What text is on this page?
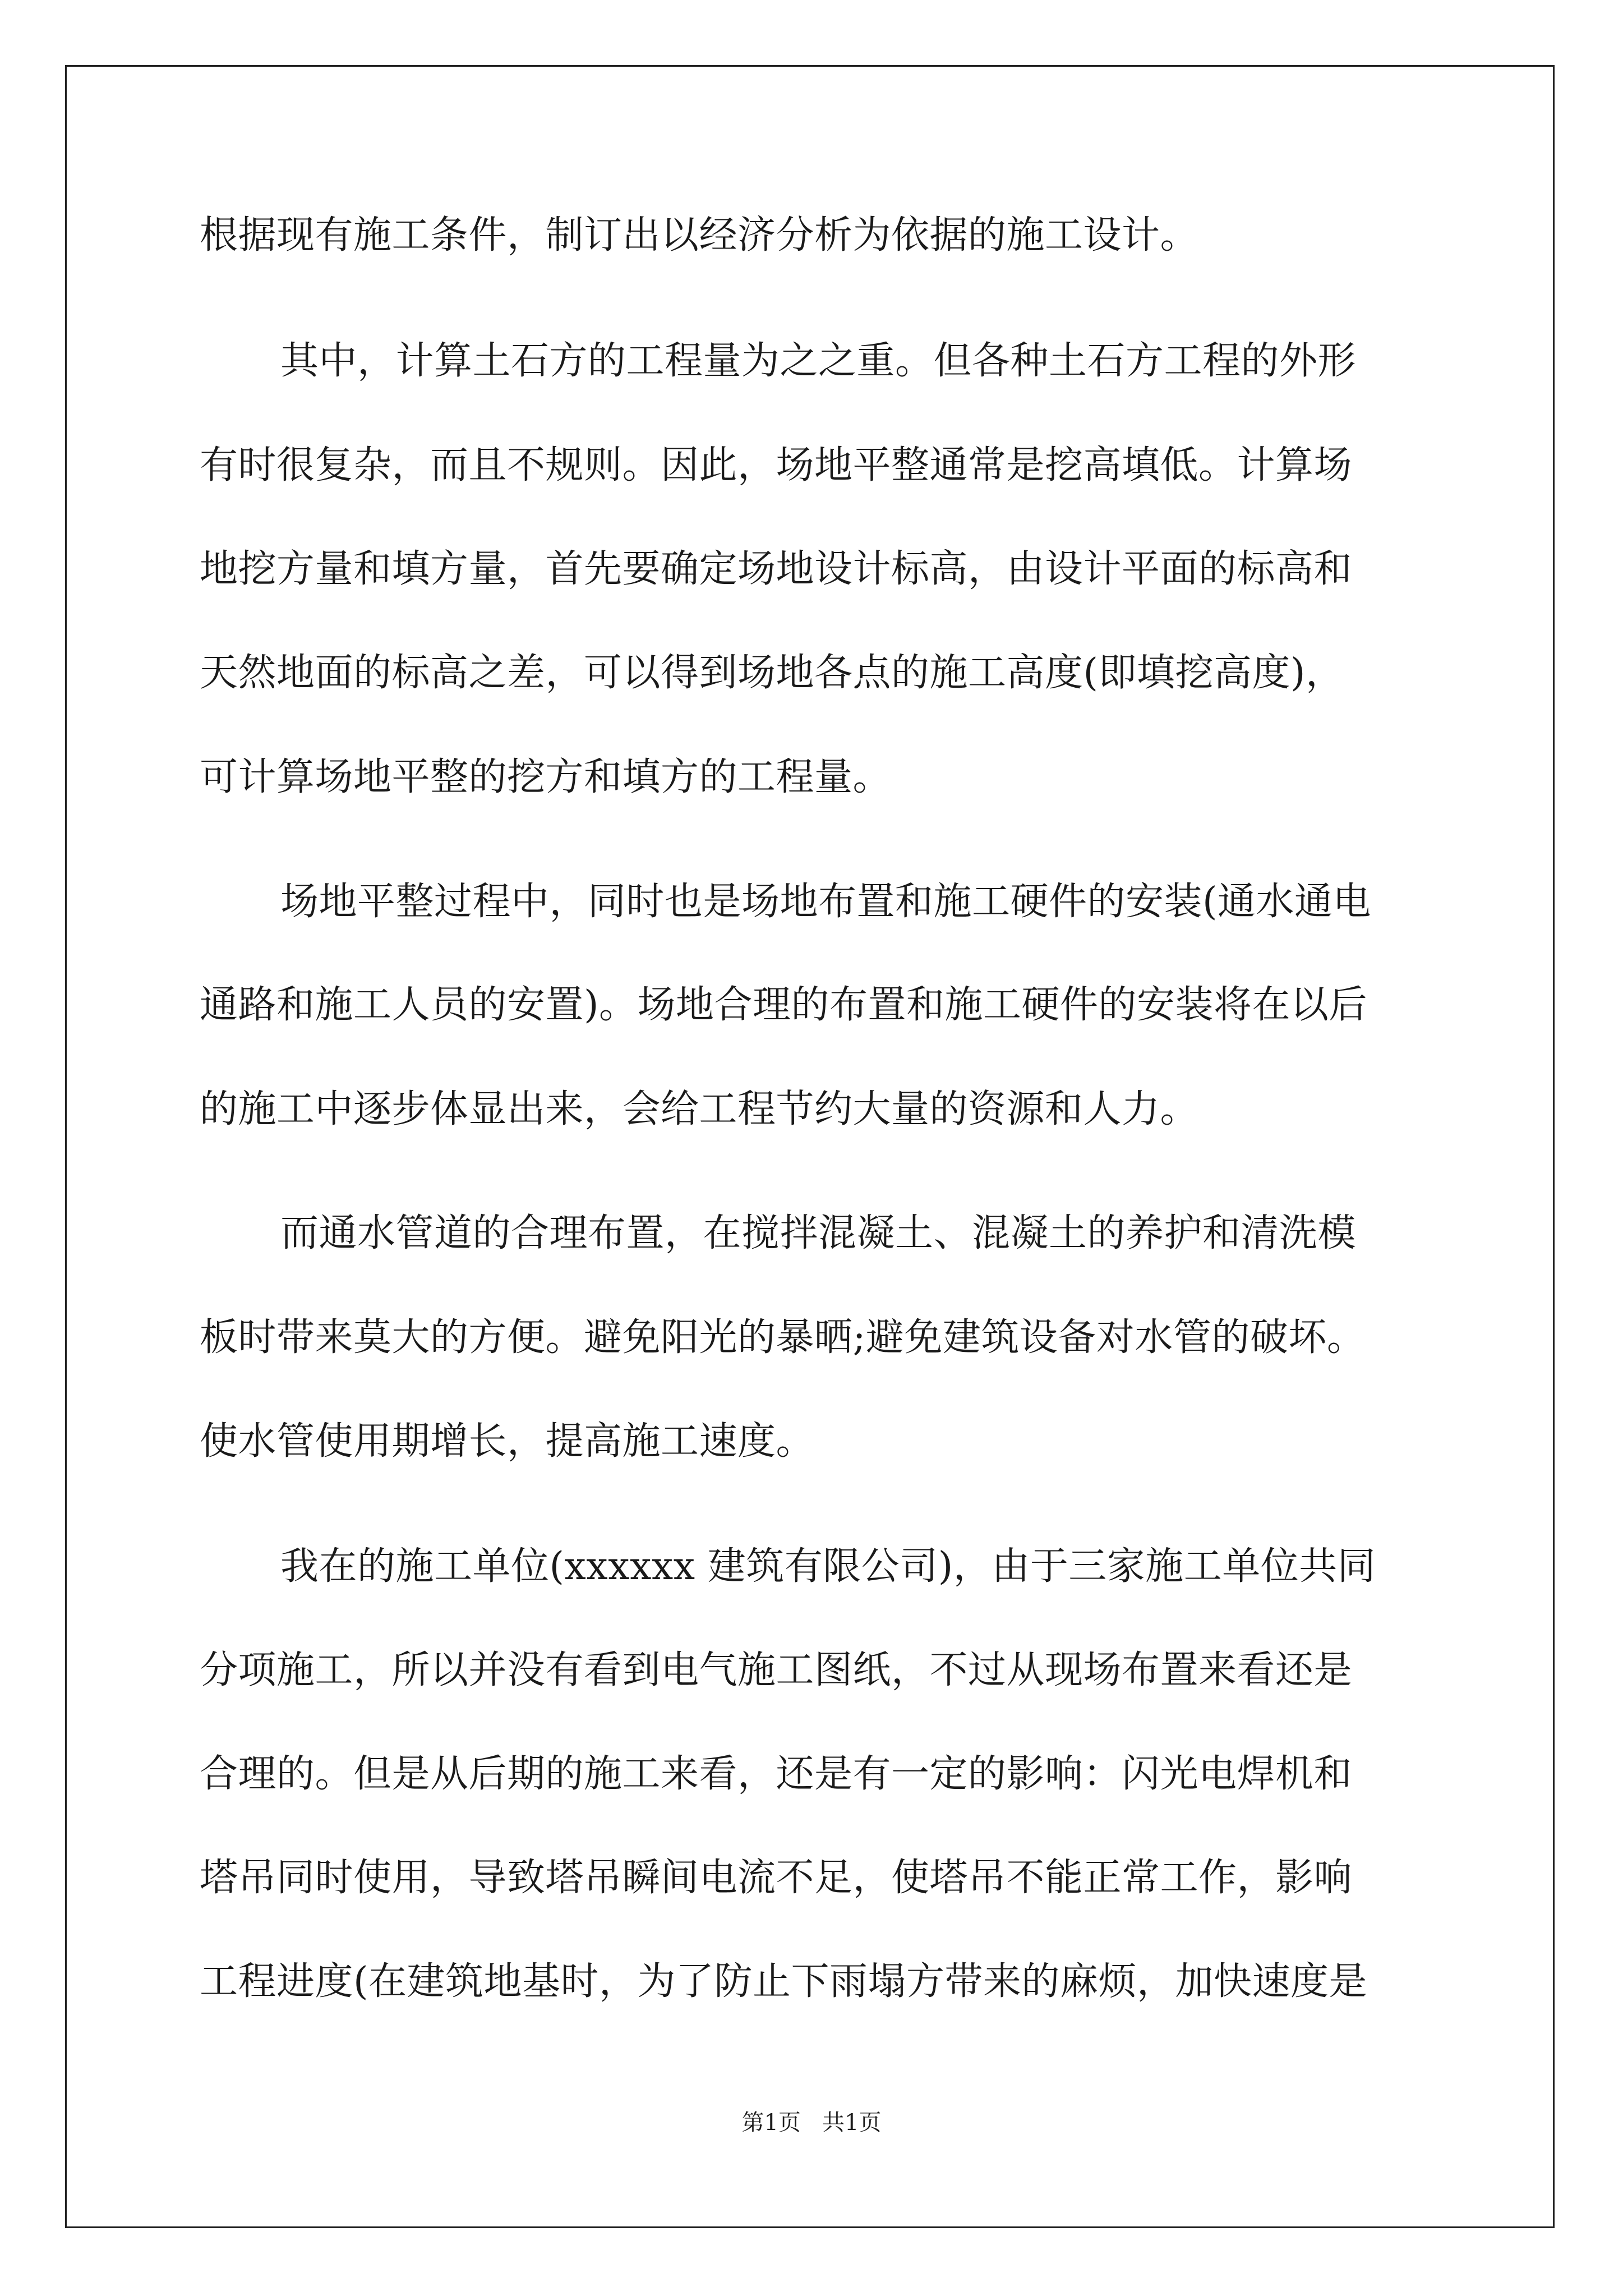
根据现有施工条件，制订出以经济分析为依据的施工设计。
其中，计算土石方的工程量为之之重。但各种土石方工程的外形
有时很复杂，而且不规则。因此，场地平整通常是挖高填低。计算场
地挖方量和填方量，首先要确定场地设计标高，由设计平面的标高和
天然地面的标高之差，可以得到场地各点的施工高度(即填挖高度)，
可计算场地平整的挖方和填方的工程量。
场地平整过程中，同时也是场地布置和施工硬件的安装(通水通电
通路和施工人员的安置)。场地合理的布置和施工硬件的安装将在以后
的施工中逐步体显出来，会给工程节约大量的资源和人力。
而通水管道的合理布置，在搅拌混凝土、混凝土的养护和清洗模
板时带来莫大的方便。避免阳光的暴晒;避免建筑设备对水管的破坏。
使水管使用期增长，提高施工速度。
我在的施工单位(xxxxxx 建筑有限公司)，由于三家施工单位共同
分项施工，所以并没有看到电气施工图纸，不过从现场布置来看还是
合理的。但是从后期的施工来看，还是有一定的影响：闪光电焊机和
塔吊同时使用，导致塔吊瞬间电流不足，使塔吊不能正常工作，影响
工程进度(在建筑地基时，为了防止下雨塌方带来的麻烦，加快速度是
第1页   共1页
